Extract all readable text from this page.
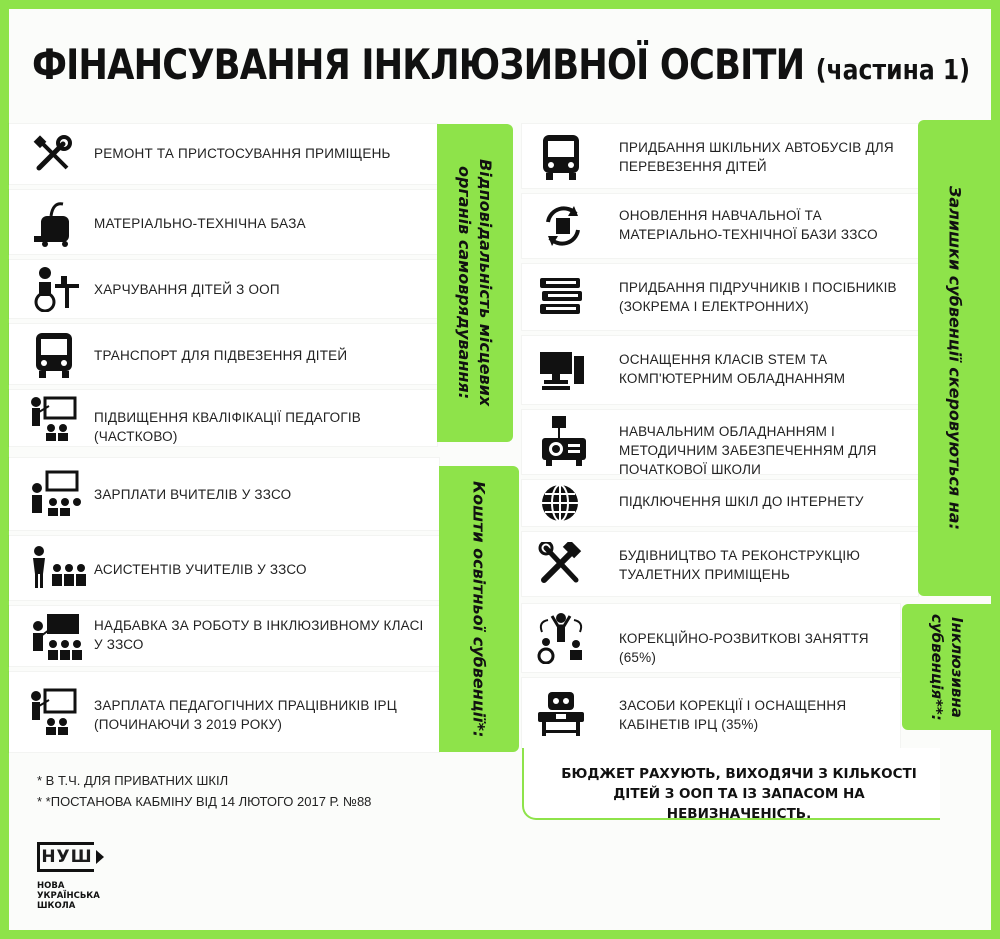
ФІНАНСУВАННЯ ІНКЛЮЗИВНОЇ ОСВІТИ (частина 1)
РЕМОНТ ТА ПРИСТОСУВАННЯ ПРИМІЩЕНЬ
МАТЕРІАЛЬНО-ТЕХНІЧНА БАЗА
ХАРЧУВАННЯ ДІТЕЙ З ООП
ТРАНСПОРТ ДЛЯ ПІДВЕЗЕННЯ ДІТЕЙ
ПІДВИЩЕННЯ КВАЛІФІКАЦІЇ ПЕДАГОГІВ (ЧАСТКОВО)
Відповідальність місцевих органів самоврядування:
ЗАРПЛАТИ ВЧИТЕЛІВ У ЗЗСО
АСИСТЕНТІВ УЧИТЕЛІВ У ЗЗСО
НАДБАВКА ЗА РОБОТУ В ІНКЛЮЗИВНОМУ КЛАСІ У ЗЗСО
ЗАРПЛАТА ПЕДАГОГІЧНИХ ПРАЦІВНИКІВ ІРЦ (ПОЧИНАЮЧИ З 2019 РОКУ)	Кошти освітньої субвенції*:
ПРИДБАННЯ ШКІЛЬНИХ АВТОБУСІВ ДЛЯ ПЕРЕВЕЗЕННЯ ДІТЕЙ
ОНОВЛЕННЯ НАВЧАЛЬНОЇ ТА МАТЕРІАЛЬНО-ТЕХНІЧНОЇ БАЗИ ЗЗСО
ПРИДБАННЯ ПІДРУЧНИКІВ І ПОСІБНИКІВ (ЗОКРЕМА І ЕЛЕКТРОННИХ)
ОСНАЩЕННЯ КЛАСІВ STEM ТА КОМП'ЮТЕРНИМ ОБЛАДНАННЯМ
НАВЧАЛЬНИМ ОБЛАДНАННЯМ І МЕТОДИЧНИМ ЗАБЕЗПЕЧЕННЯМ ДЛЯ ПОЧАТКОВОЇ ШКОЛИ
ПІДКЛЮЧЕННЯ ШКІЛ ДО ІНТЕРНЕТУ
БУДІВНИЦТВО ТА РЕКОНСТРУКЦІЮ ТУАЛЕТНИХ ПРИМІЩЕНЬ
Залишки субвенції скеровуються на:
КОРЕКЦІЙНО-РОЗВИТКОВІ ЗАНЯТТЯ (65%)
ЗАСОБИ КОРЕКЦІЇ І ОСНАЩЕННЯ КАБІНЕТІВ ІРЦ (35%)
Інклюзивна субвенція**:
БЮДЖЕТ РАХУЮТЬ, ВИХОДЯЧИ З КІЛЬКОСТІ ДІТЕЙ З ООП ТА ІЗ ЗАПАСОМ НА НЕВИЗНАЧЕНІСТЬ.
* В Т.Ч. ДЛЯ ПРИВАТНИХ ШКІЛ
* *ПОСТАНОВА КАБМІНУ ВІД 14 ЛЮТОГО 2017 Р. №88
НУШ
НОВА УКРАЇНСЬКА ШКОЛА
